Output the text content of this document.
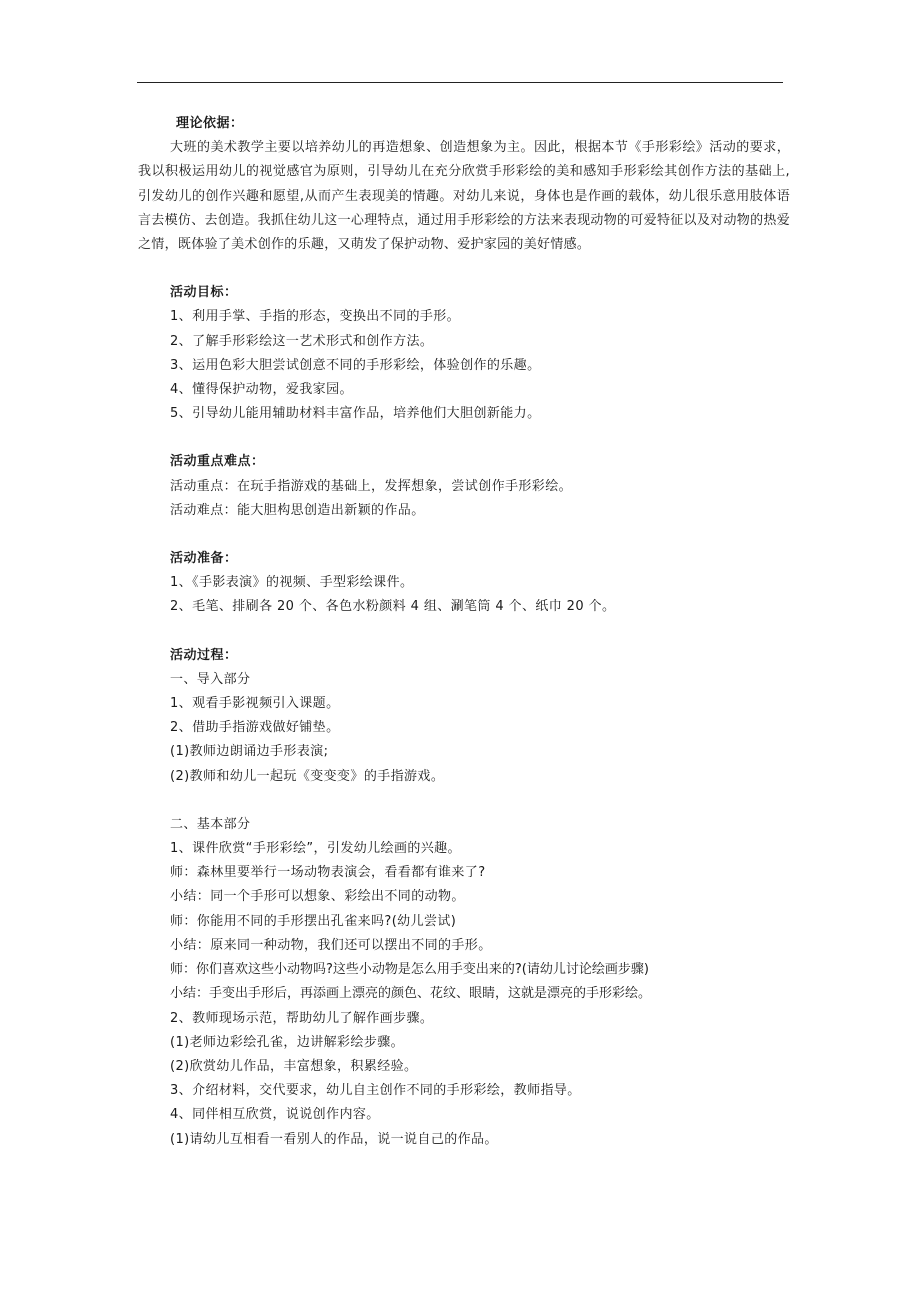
理论依据：
大班的美术教学主要以培养幼儿的再造想象、创造想象为主。因此，根据本节《手形彩绘》活动的要求，我以积极运用幼儿的视觉感官为原则，引导幼儿在充分欣赏手形彩绘的美和感知手形彩绘其创作方法的基础上,引发幼儿的创作兴趣和愿望,从而产生表现美的情趣。对幼儿来说，身体也是作画的载体，幼儿很乐意用肢体语言去模仿、去创造。我抓住幼儿这一心理特点，通过用手形彩绘的方法来表现动物的可爱特征以及对动物的热爱之情，既体验了美术创作的乐趣，又萌发了保护动物、爱护家园的美好情感。
活动目标：
1、利用手掌、手指的形态，变换出不同的手形。
2、了解手形彩绘这一艺术形式和创作方法。
3、运用色彩大胆尝试创意不同的手形彩绘，体验创作的乐趣。
4、懂得保护动物，爱我家园。
5、引导幼儿能用辅助材料丰富作品，培养他们大胆创新能力。
活动重点难点：
活动重点：在玩手指游戏的基础上，发挥想象，尝试创作手形彩绘。
活动难点：能大胆构思创造出新颖的作品。
活动准备：
1、《手影表演》的视频、手型彩绘课件。
2、毛笔、排刷各 20 个、各色水粉颜料 4 组、涮笔筒 4 个、纸巾 20 个。
活动过程：
一、导入部分
1、观看手影视频引入课题。
2、借助手指游戏做好铺垫。
(1)教师边朗诵边手形表演;
(2)教师和幼儿一起玩《变变变》的手指游戏。
二、基本部分
1、课件欣赏“手形彩绘”，引发幼儿绘画的兴趣。
师：森林里要举行一场动物表演会，看看都有谁来了?
小结：同一个手形可以想象、彩绘出不同的动物。
师：你能用不同的手形摆出孔雀来吗?(幼儿尝试)
小结：原来同一种动物，我们还可以摆出不同的手形。
师：你们喜欢这些小动物吗?这些小动物是怎么用手变出来的?(请幼儿讨论绘画步骤)
小结：手变出手形后，再添画上漂亮的颜色、花纹、眼睛，这就是漂亮的手形彩绘。
2、教师现场示范，帮助幼儿了解作画步骤。
(1)老师边彩绘孔雀，边讲解彩绘步骤。
(2)欣赏幼儿作品，丰富想象，积累经验。
3、介绍材料，交代要求，幼儿自主创作不同的手形彩绘，教师指导。
4、同伴相互欣赏，说说创作内容。
(1)请幼儿互相看一看别人的作品，说一说自己的作品。
